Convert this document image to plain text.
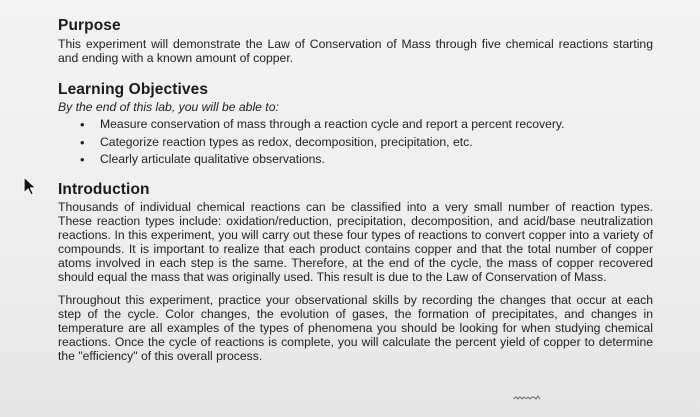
Purpose

This experiment will demonstrate the Law of Conservation of Mass through five chemical reactions starting and ending with a known amount of copper.

Learning Objectives

By the end of this lab, you will be able to:

• Measure conservation of mass through a reaction cycle and report a percent recovery.
• Categorize reaction types as redox, decomposition, precipitation, etc.
• Clearly articulate qualitative observations.
Introduction

Thousands of individual chemical reactions can be classified into a very small number of reaction types. These reaction types include: oxidation/reduction, precipitation, decomposition, and acid/base neutralization reactions. In this experiment, you will carry out these four types of reactions to convert copper into a variety of compounds. It is important to realize that each product contains copper and that the total number of copper atoms involved in each step is the same. Therefore, at the end of the cycle, the mass of copper recovered should equal the mass that was originally used. This result is due to the Law of Conservation of Mass.

Throughout this experiment, practice your observational skills by recording the changes that occur at each step of the cycle. Color changes, the evolution of gases, the formation of precipitates, and changes in temperature are all examples of the types of phenomena you should be looking for when studying chemical reactions. Once the cycle of reactions is complete, you will calculate the percent yield of copper to determine the "efficiency" of this overall process.
